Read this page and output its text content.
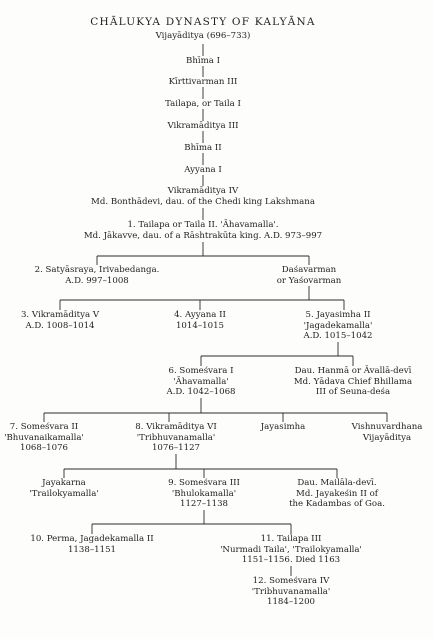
CHĀLUKYA DYNASTY OF KALYĀNA
Vijayāditya (696–733)
Bhīma I
Kīrttivarman III
Tailapa, or Taila I
Vikramāditya III
Bhīma II
Ayyana I
Vikramāditya IV
Md. Bonthādevi, dau. of the Chedi king Lakshmana
1. Tailapa or Taila II. 'Āhavamalla'.
Md. Jākavve, dau. of a Rāshtrakūta king. A.D. 973–997
2. Satyāsraya, Irivabedanga.
A.D. 997–1008
Daśavarman
or Yaśovarman
3. Vikramāditya V
A.D. 1008–1014
4. Ayyana II
1014–1015
5. Jayasimha II
'Jagadekamalla'
A.D. 1015–1042
6. Someśvara I
'Āhavamalla'
A.D. 1042–1068
Dau. Hanmā or Āvallā-devī
Md. Yādava Chief Bhillama
III of Seuna-deśa
7. Someśvara II
'Bhuvanaikamalla'
1068–1076
8. Vikramāditya VI
'Tribhuvanamalla'
1076–1127
Jayasimha	Vishnuvardhana
Vijayāditya
Jayakarna
'Trailokyamalla'
9. Someśvara III
'Bhulokamalla'
1127–1138
Dau. Mailāla-devī.
Md. Jayakeśin II of
the Kadambas of Goa.
10. Perma, Jagadekamalla II
1138–1151
11. Tailapa III
'Nurmadi Taila', 'Trailokyamalla'
1151–1156. Died 1163
12. Someśvara IV
'Tribhuvanamalla'
1184–1200
